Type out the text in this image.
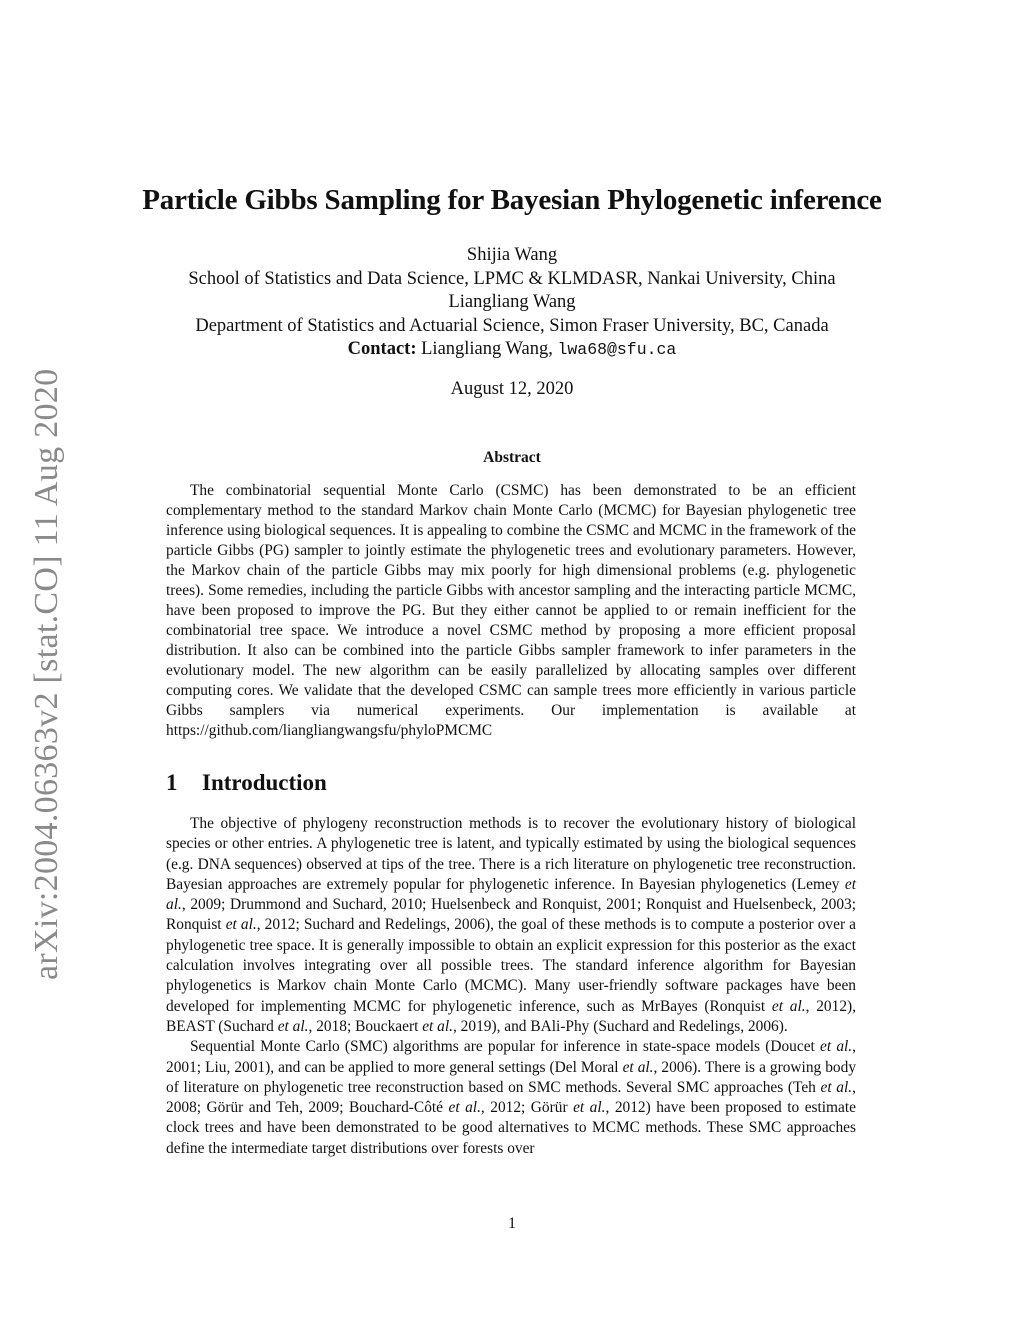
arXiv:2004.06363v2 [stat.CO] 11 Aug 2020
Particle Gibbs Sampling for Bayesian Phylogenetic inference
Shijia Wang
School of Statistics and Data Science, LPMC & KLMDASR, Nankai University, China
Liangliang Wang
Department of Statistics and Actuarial Science, Simon Fraser University, BC, Canada
Contact: Liangliang Wang, lwa68@sfu.ca
August 12, 2020
Abstract
The combinatorial sequential Monte Carlo (CSMC) has been demonstrated to be an efficient complementary method to the standard Markov chain Monte Carlo (MCMC) for Bayesian phylogenetic tree inference using biological sequences. It is appealing to combine the CSMC and MCMC in the framework of the particle Gibbs (PG) sampler to jointly estimate the phylogenetic trees and evolutionary parameters. However, the Markov chain of the particle Gibbs may mix poorly for high dimensional problems (e.g. phylogenetic trees). Some remedies, including the particle Gibbs with ancestor sampling and the interacting particle MCMC, have been proposed to improve the PG. But they either cannot be applied to or remain inefficient for the combinatorial tree space. We introduce a novel CSMC method by proposing a more efficient proposal distribution. It also can be combined into the particle Gibbs sampler framework to infer parameters in the evolutionary model. The new algorithm can be easily parallelized by allocating samples over different computing cores. We validate that the developed CSMC can sample trees more efficiently in various particle Gibbs samplers via numerical experiments. Our implementation is available at https://github.com/liangliangwangsfu/phyloPMCMC
1 Introduction

The objective of phylogeny reconstruction methods is to recover the evolutionary history of biological species or other entries. A phylogenetic tree is latent, and typically estimated by using the biological sequences (e.g. DNA sequences) observed at tips of the tree. There is a rich literature on phylogenetic tree reconstruction. Bayesian approaches are extremely popular for phylogenetic inference. In Bayesian phylogenetics (Lemey et al., 2009; Drummond and Suchard, 2010; Huelsenbeck and Ronquist, 2001; Ronquist and Huelsenbeck, 2003; Ronquist et al., 2012; Suchard and Redelings, 2006), the goal of these methods is to compute a posterior over a phylogenetic tree space. It is generally impossible to obtain an explicit expression for this posterior as the exact calculation involves integrating over all possible trees. The standard inference algorithm for Bayesian phylogenetics is Markov chain Monte Carlo (MCMC). Many user-friendly software packages have been developed for implementing MCMC for phylogenetic inference, such as MrBayes (Ronquist et al., 2012), BEAST (Suchard et al., 2018; Bouckaert et al., 2019), and BAli-Phy (Suchard and Redelings, 2006).

Sequential Monte Carlo (SMC) algorithms are popular for inference in state-space models (Doucet et al., 2001; Liu, 2001), and can be applied to more general settings (Del Moral et al., 2006). There is a growing body of literature on phylogenetic tree reconstruction based on SMC methods. Several SMC approaches (Teh et al., 2008; Görür and Teh, 2009; Bouchard-Côté et al., 2012; Görür et al., 2012) have been proposed to estimate clock trees and have been demonstrated to be good alternatives to MCMC methods. These SMC approaches define the intermediate target distributions over forests over

1
